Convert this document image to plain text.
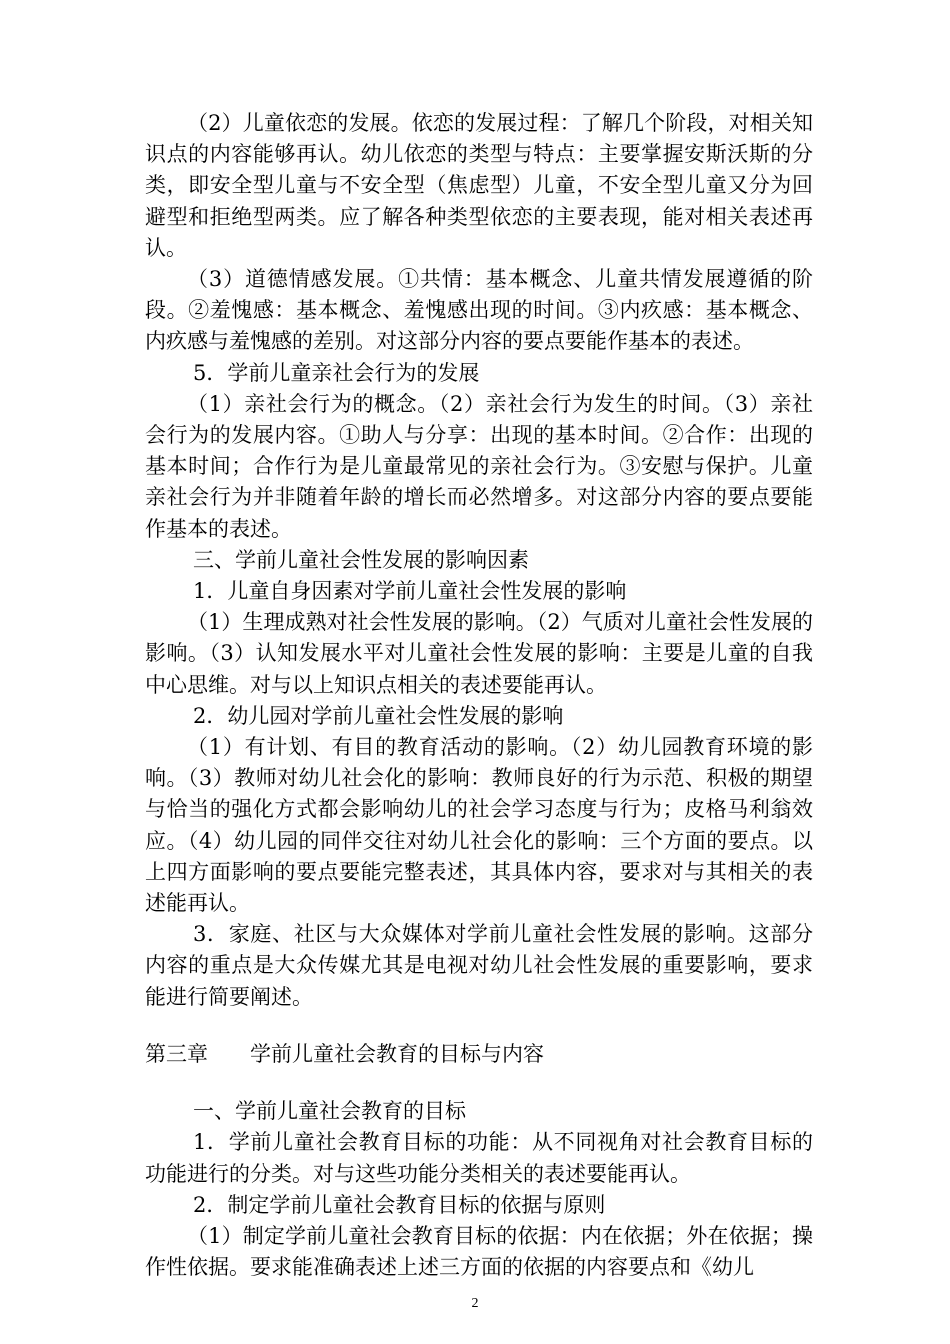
（2）儿童依恋的发展。依恋的发展过程：了解几个阶段，对相关知识点的内容能够再认。幼儿依恋的类型与特点：主要掌握安斯沃斯的分类，即安全型儿童与不安全型（焦虑型）儿童，不安全型儿童又分为回避型和拒绝型两类。应了解各种类型依恋的主要表现，能对相关表述再认。

（3）道德情感发展。①共情：基本概念、儿童共情发展遵循的阶段。②羞愧感：基本概念、羞愧感出现的时间。③内疚感：基本概念、内疚感与羞愧感的差别。对这部分内容的要点要能作基本的表述。

5．学前儿童亲社会行为的发展

（1）亲社会行为的概念。（2）亲社会行为发生的时间。（3）亲社会行为的发展内容。①助人与分享：出现的基本时间。②合作：出现的基本时间；合作行为是儿童最常见的亲社会行为。③安慰与保护。儿童亲社会行为并非随着年龄的增长而必然增多。对这部分内容的要点要能作基本的表述。

三、学前儿童社会性发展的影响因素

1．儿童自身因素对学前儿童社会性发展的影响

（1）生理成熟对社会性发展的影响。（2）气质对儿童社会性发展的影响。（3）认知发展水平对儿童社会性发展的影响：主要是儿童的自我中心思维。对与以上知识点相关的表述要能再认。

2．幼儿园对学前儿童社会性发展的影响

（1）有计划、有目的教育活动的影响。（2）幼儿园教育环境的影响。（3）教师对幼儿社会化的影响：教师良好的行为示范、积极的期望与恰当的强化方式都会影响幼儿的社会学习态度与行为；皮格马利翁效应。（4）幼儿园的同伴交往对幼儿社会化的影响：三个方面的要点。以上四方面影响的要点要能完整表述，其具体内容，要求对与其相关的表述能再认。

3．家庭、社区与大众媒体对学前儿童社会性发展的影响。这部分内容的重点是大众传媒尤其是电视对幼儿社会性发展的重要影响，要求能进行简要阐述。

第三章 学前儿童社会教育的目标与内容

一、学前儿童社会教育的目标

1．学前儿童社会教育目标的功能：从不同视角对社会教育目标的功能进行的分类。对与这些功能分类相关的表述要能再认。

2．制定学前儿童社会教育目标的依据与原则

（1）制定学前儿童社会教育目标的依据：内在依据；外在依据；操作性依据。要求能准确表述上述三方面的依据的内容要点和《幼儿

2
